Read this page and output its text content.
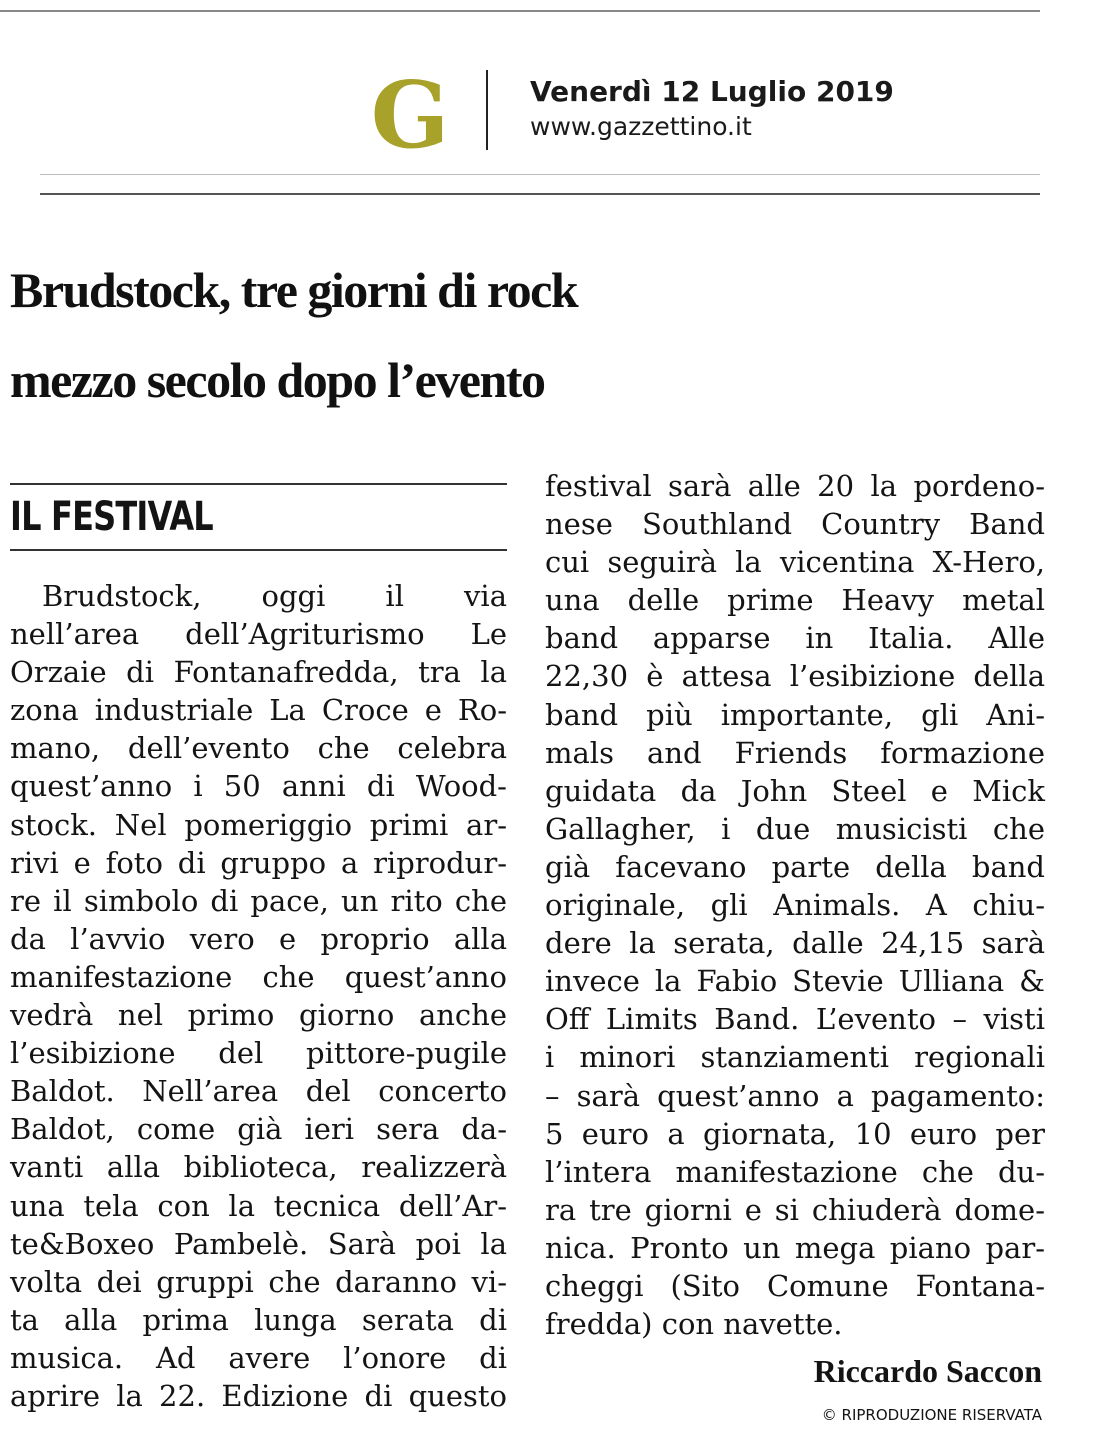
G	Venerdì 12 Luglio 2019
www.gazzettino.it
Brudstock, tre giorni di rock
mezzo secolo dopo l’evento
IL FESTIVAL
Brudstock, oggi il via
nell’area dell’Agriturismo Le
Orzaie di Fontanafredda, tra la
zona industriale La Croce e Ro-
mano, dell’evento che celebra
quest’anno i 50 anni di Wood-
stock. Nel pomeriggio primi ar-
rivi e foto di gruppo a riprodur-
re il simbolo di pace, un rito che
da l’avvio vero e proprio alla
manifestazione che quest’anno
vedrà nel primo giorno anche
l’esibizione del pittore-pugile
Baldot. Nell’area del concerto
Baldot, come già ieri sera da-
vanti alla biblioteca, realizzerà
una tela con la tecnica dell’Ar-
te&Boxeo Pambelè. Sarà poi la
volta dei gruppi che daranno vi-
ta alla prima lunga serata di
musica. Ad avere l’onore di
aprire la 22. Edizione di questo
festival sarà alle 20 la pordeno-
nese Southland Country Band
cui seguirà la vicentina X-Hero,
una delle prime Heavy metal
band apparse in Italia. Alle
22,30 è attesa l’esibizione della
band più importante, gli Ani-
mals and Friends formazione
guidata da John Steel e Mick
Gallagher, i due musicisti che
già facevano parte della band
originale, gli Animals. A chiu-
dere la serata, dalle 24,15 sarà
invece la Fabio Stevie Ulliana &
Off Limits Band. L’evento – visti
i minori stanziamenti regionali
– sarà quest’anno a pagamento:
5 euro a giornata, 10 euro per
l’intera manifestazione che du-
ra tre giorni e si chiuderà dome-
nica. Pronto un mega piano par-
cheggi (Sito Comune Fontana-
fredda) con navette.
Riccardo Saccon
© RIPRODUZIONE RISERVATA
